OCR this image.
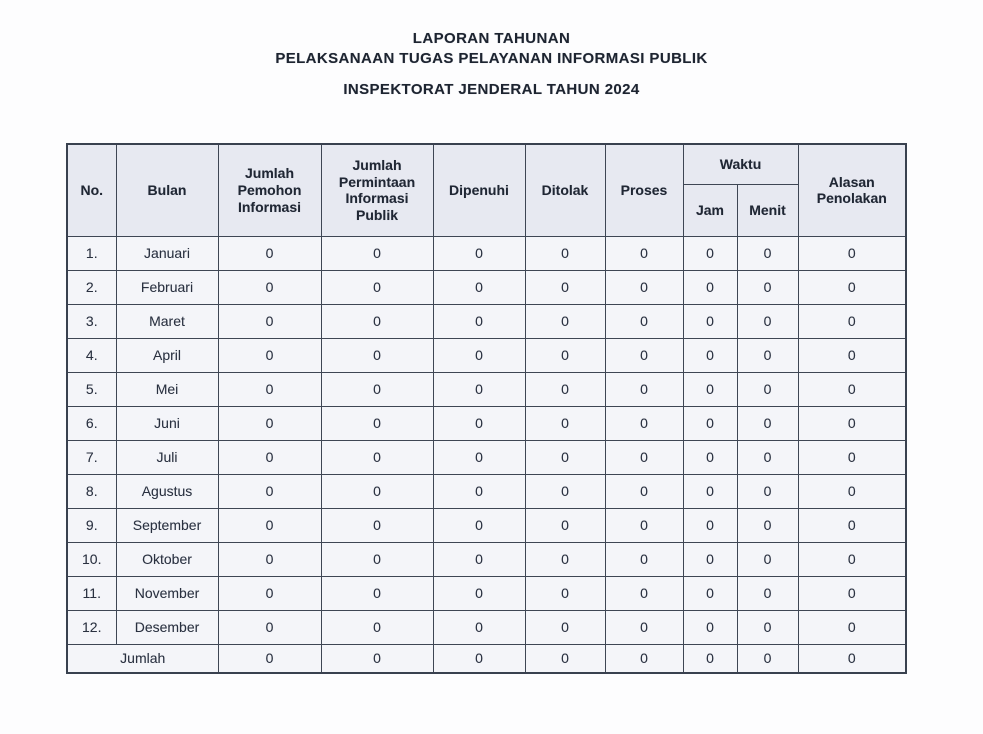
LAPORAN TAHUNAN
PELAKSANAAN TUGAS PELAYANAN INFORMASI PUBLIK
INSPEKTORAT JENDERAL TAHUN 2024
No.	Bulan	Jumlah Pemohon Informasi	Jumlah Permintaan Informasi Publik	Dipenuhi	Ditolak	Proses	Waktu		Alasan Penolakan
							Jam	Menit	
1.	Januari	0	0	0	0	0	0	0	0
2.	Februari	0	0	0	0	0	0	0	0
3.	Maret	0	0	0	0	0	0	0	0
4.	April	0	0	0	0	0	0	0	0
5.	Mei	0	0	0	0	0	0	0	0
6.	Juni	0	0	0	0	0	0	0	0
7.	Juli	0	0	0	0	0	0	0	0
8.	Agustus	0	0	0	0	0	0	0	0
9.	September	0	0	0	0	0	0	0	0
10.	Oktober	0	0	0	0	0	0	0	0
11.	November	0	0	0	0	0	0	0	0
12.	Desember	0	0	0	0	0	0	0	0
Jumlah		0	0	0	0	0	0	0	0
